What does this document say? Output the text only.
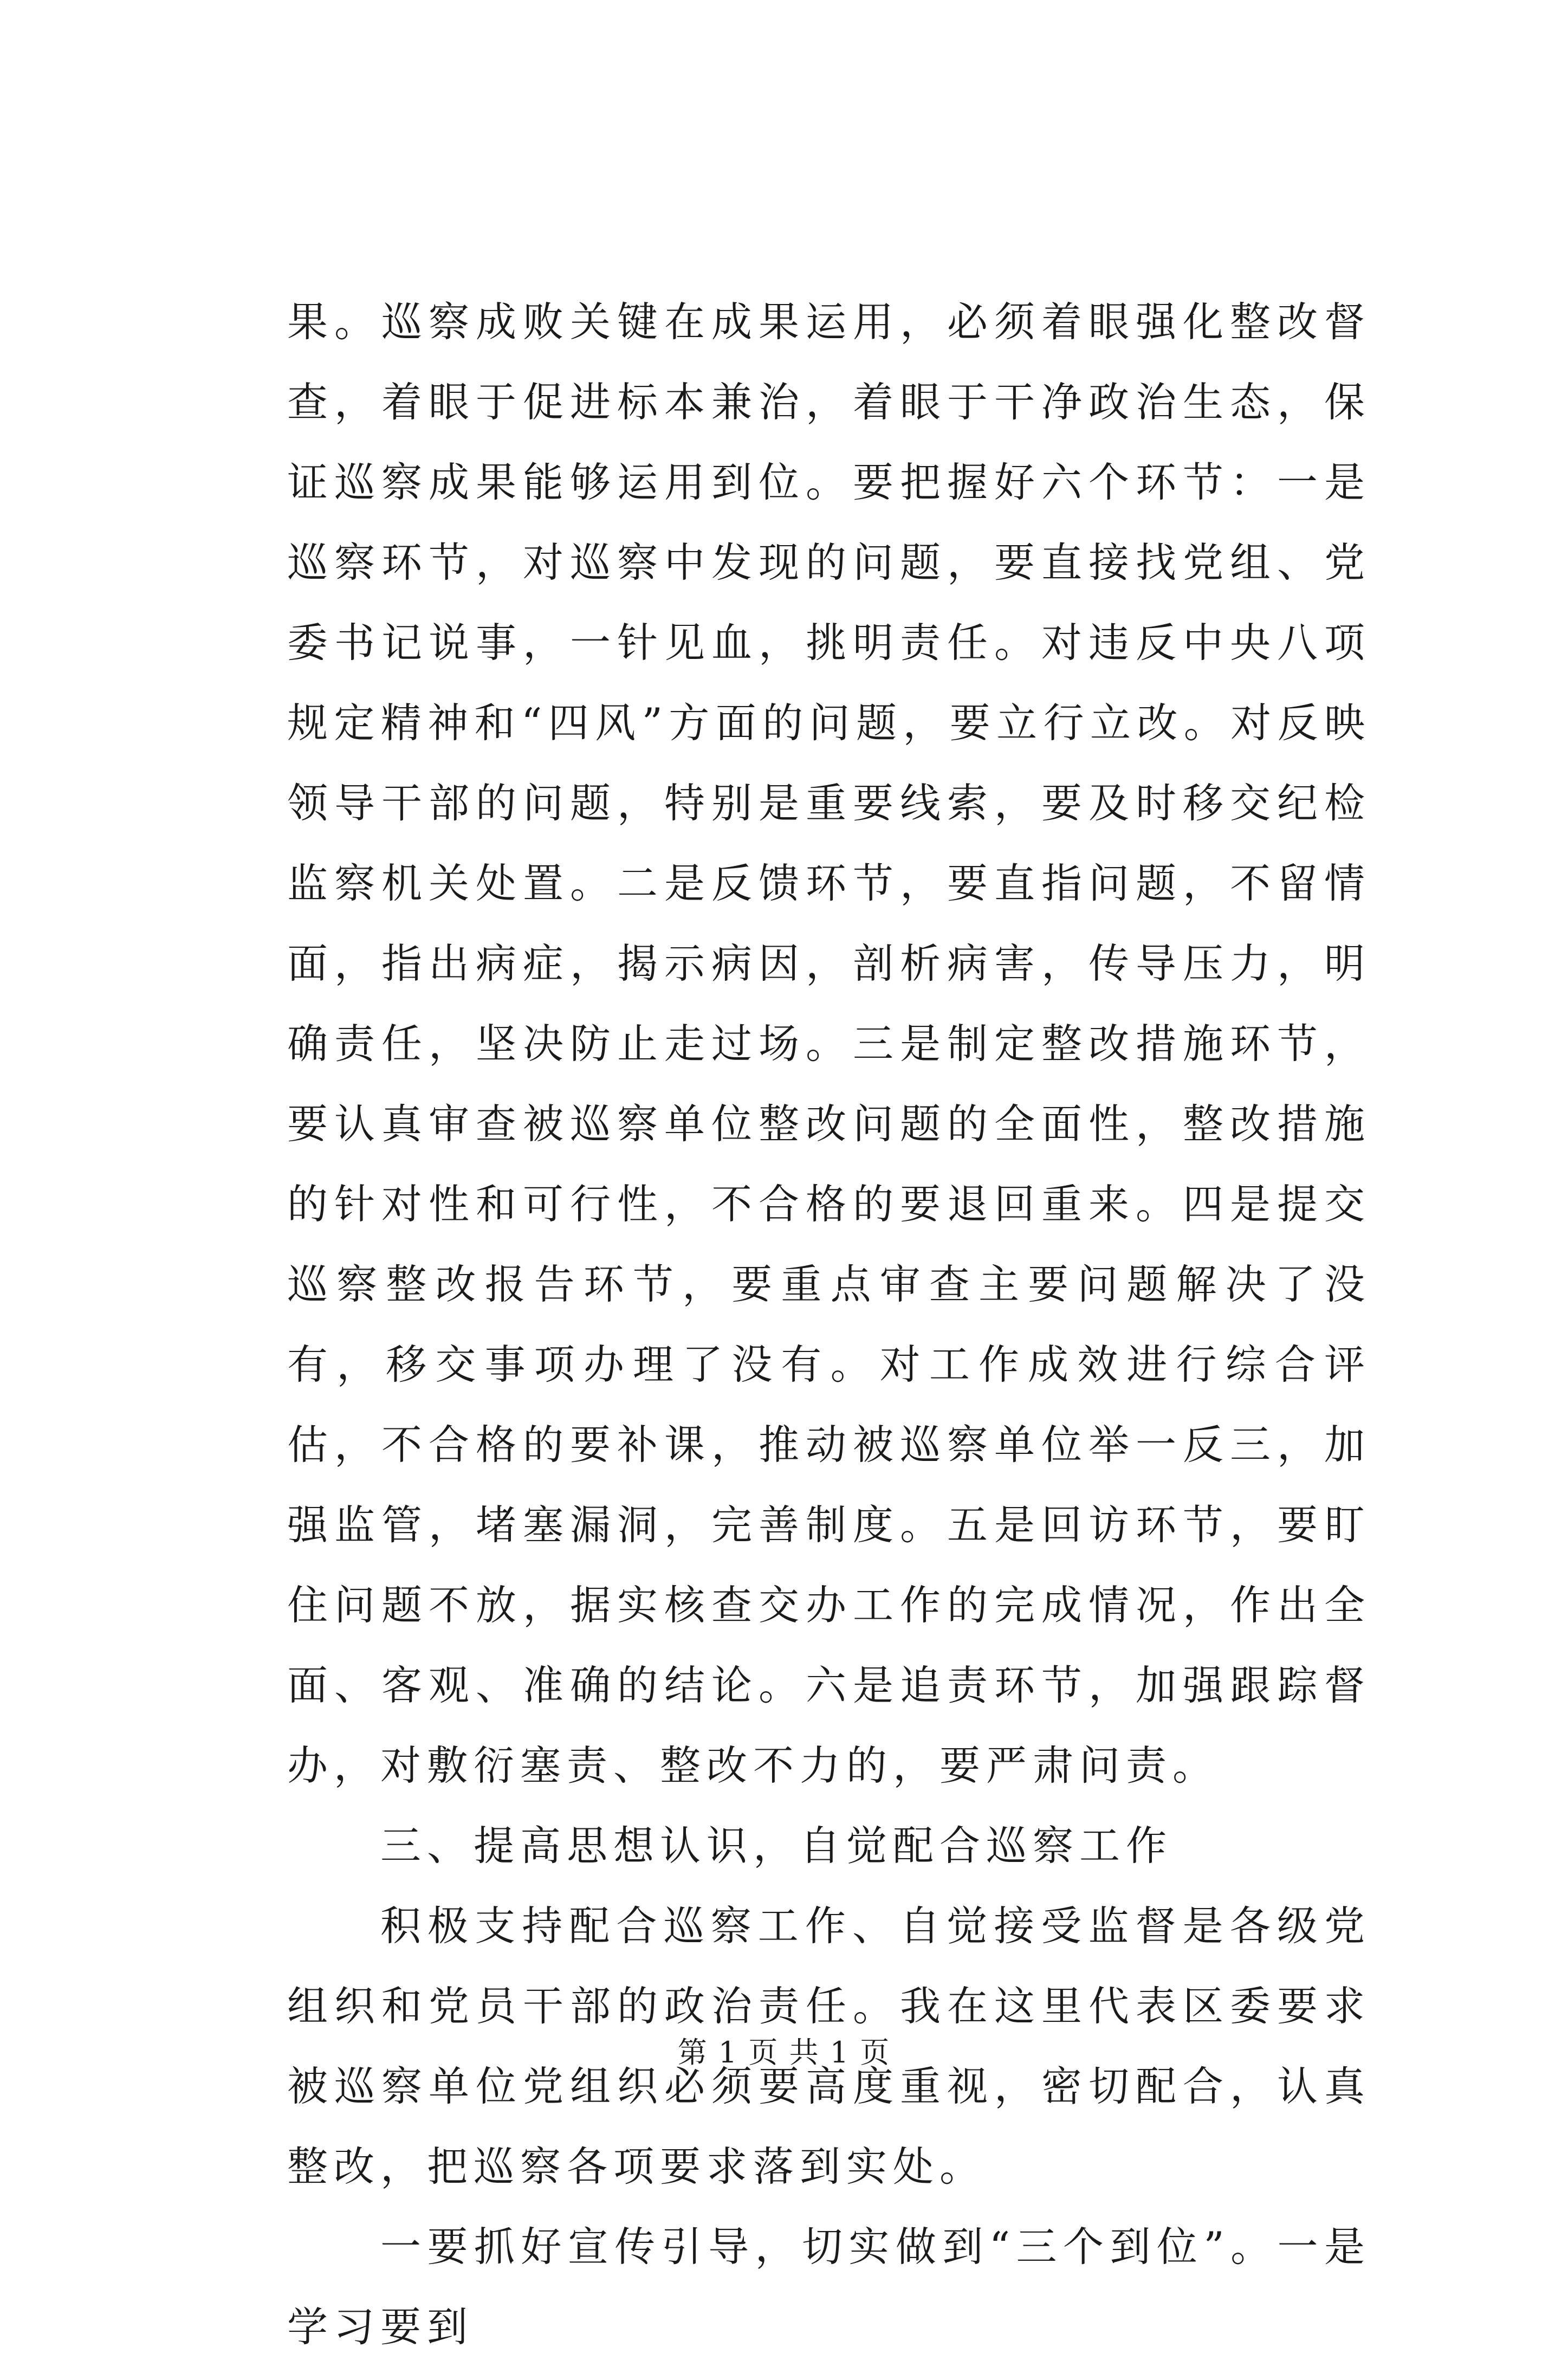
果。巡察成败关键在成果运用，必须着眼强化整改督查，着眼于促进标本兼治，着眼于干净政治生态，保证巡察成果能够运用到位。要把握好六个环节：一是巡察环节，对巡察中发现的问题，要直接找党组、党委书记说事，一针见血，挑明责任。对违反中央八项规定精神和“四风”方面的问题，要立行立改。对反映领导干部的问题，特别是重要线索，要及时移交纪检监察机关处置。二是反馈环节，要直指问题，不留情面，指出病症，揭示病因，剖析病害，传导压力，明确责任，坚决防止走过场。三是制定整改措施环节，要认真审查被巡察单位整改问题的全面性，整改措施的针对性和可行性，不合格的要退回重来。四是提交巡察整改报告环节，要重点审查主要问题解决了没有，移交事项办理了没有。对工作成效进行综合评估，不合格的要补课，推动被巡察单位举一反三，加强监管，堵塞漏洞，完善制度。五是回访环节，要盯住问题不放，据实核查交办工作的完成情况，作出全面、客观、准确的结论。六是追责环节，加强跟踪督办，对敷衍塞责、整改不力的，要严肃问责。

三、提高思想认识，自觉配合巡察工作

积极支持配合巡察工作、自觉接受监督是各级党组织和党员干部的政治责任。我在这里代表区委要求被巡察单位党组织必须要高度重视，密切配合，认真整改，把巡察各项要求落到实处。

一要抓好宣传引导，切实做到“三个到位”。一是学习要到

第 1 页 共 1 页
